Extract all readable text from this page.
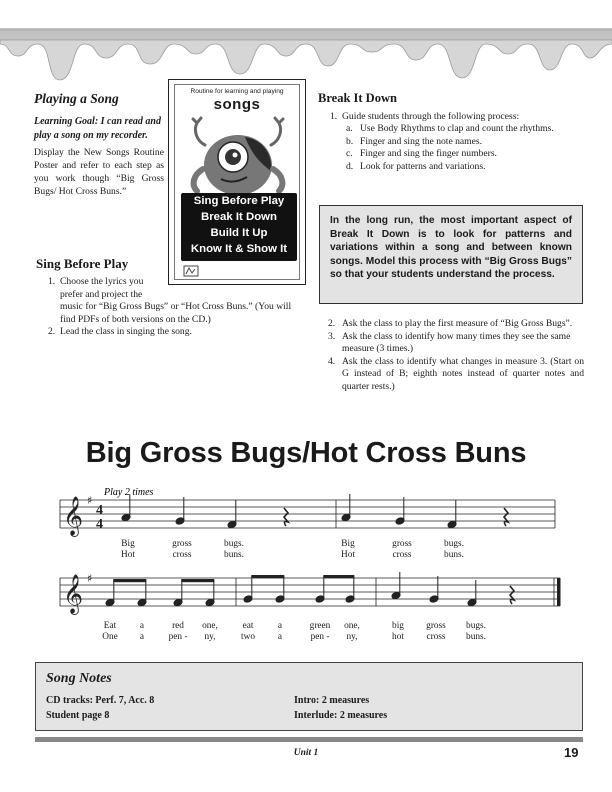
Playing a Song
Learning Goal: I can read and play a song on my recorder.
Display the New Songs Routine Poster and refer to each step as you work though “Big Gross Bugs/ Hot Cross Buns.”
Sing Before Play
1. Choose the lyrics you
prefer and project the
music for “Big Gross Bugs” or “Hot Cross Buns.” (You will find PDFs of both versions on the CD.)
2. Lead the class in singing the song.
Routine for learning and playing
songs
Sing Before Play
Break It Down
Build It Up
Know It & Show It
Break It Down
1. Guide students through the following process:
a. Use Body Rhythms to clap and count the rhythms.
b. Finger and sing the note names.
c. Finger and sing the finger numbers.
d. Look for patterns and variations.
In the long run, the most important aspect of Break It Down is to look for patterns and variations within a song and between known songs. Model this process with “Big Gross Bugs” so that your students understand the process.
2. Ask the class to play the first measure of “Big Gross Bugs”.
3. Ask the class to identify how many times they see the same measure (3 times.)
4. Ask the class to identify what changes in measure 3. (Start on G instead of B; eighth notes instead of quarter notes and quarter rests.)
Big Gross Bugs/Hot Cross Buns
Play 2 times
𝄞
𝄞
♯
♯
4
4
Big	gross	bugs.	Big	gross	bugs.
Hot	cross	buns.	Hot	cross	buns.
Eat	a	red	one,	eat	a	green	one,	big	gross	bugs.
One	a	pen -	ny,	two	a	pen -	ny,	hot	cross	buns.
Song Notes
CD tracks: Perf. 7, Acc. 8
Student page 8
Intro: 2 measures
Interlude: 2 measures
Unit 1	19
